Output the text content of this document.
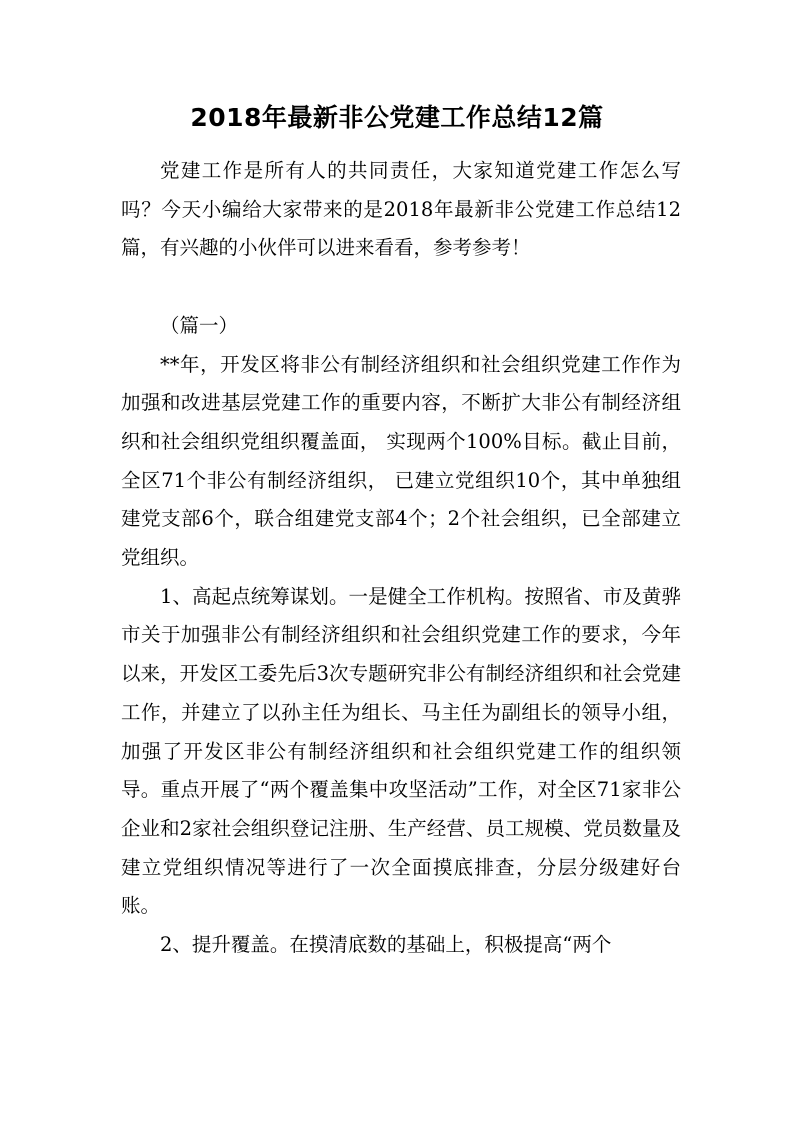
2018年最新非公党建工作总结12篇

党建工作是所有人的共同责任，大家知道党建工作怎么写吗？今天小编给大家带来的是2018年最新非公党建工作总结12篇，有兴趣的小伙伴可以进来看看，参考参考！

（篇一）

**年，开发区将非公有制经济组织和社会组织党建工作作为加强和改进基层党建工作的重要内容，不断扩大非公有制经济组织和社会组织党组织覆盖面， 实现两个100%目标。截止目前， 全区71个非公有制经济组织， 已建立党组织10个，其中单独组建党支部6个，联合组建党支部4个；2个社会组织，已全部建立党组织。

1、高起点统筹谋划。一是健全工作机构。按照省、市及黄骅市关于加强非公有制经济组织和社会组织党建工作的要求，今年以来，开发区工委先后3次专题研究非公有制经济组织和社会党建工作，并建立了以孙主任为组长、马主任为副组长的领导小组，加强了开发区非公有制经济组织和社会组织党建工作的组织领导。重点开展了“两个覆盖集中攻坚活动”工作，对全区71家非公企业和2家社会组织登记注册、生产经营、员工规模、党员数量及建立党组织情况等进行了一次全面摸底排查，分层分级建好台账。

2、提升覆盖。在摸清底数的基础上，积极提高“两个
